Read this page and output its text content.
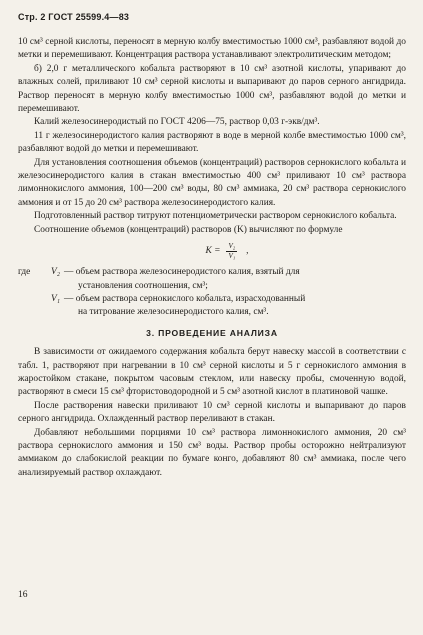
Стр. 2 ГОСТ 25599.4—83

10 см³ серной кислоты, переносят в мерную колбу вместимостью 1000 см³, разбавляют водой до метки и перемешивают. Концентрация раствора устанавливают электролитическим методом;

б) 2,0 г металлического кобальта растворяют в 10 см³ азотной кислоты, упаривают до влажных солей, приливают 10 см³ серной кислоты и выпаривают до паров серного ангидрида. Раствор переносят в мерную колбу вместимостью 1000 см³, разбавляют водой до метки и перемешивают.

Калий железосинеродистый по ГОСТ 4206—75, раствор 0,03 г-экв/дм³.

11 г железосинеродистого калия растворяют в воде в мерной колбе вместимостью 1000 см³, разбавляют водой до метки и перемешивают.

Для установления соотношения объемов (концентраций) растворов сернокислого кобальта и железосинеродистого калия в стакан вместимостью 400 см³ приливают 10 см³ раствора лимоннокислого аммония, 100—200 см³ воды, 80 см³ аммиака, 20 см³ раствора сернокислого аммония и от 15 до 20 см³ раствора железосинеродистого калия.

Подготовленный раствор титруют потенциометрически раствором сернокислого кобальта.

Соотношение объемов (концентраций) растворов (K) вычисляют по формуле

$K = \frac{\text{V₂}}{\text{V₁}}$ ,
где	V₂ — объем раствора железосинеродистого калия, взятый для
установления соотношения, см³;
V₁ — объем раствора сернокислого кобальта, израсходованный
на титрование железосинеродистого калия, см³.
3. ПРОВЕДЕНИЕ АНАЛИЗА

В зависимости от ожидаемого содержания кобальта берут навеску массой в соответствии с табл. 1, растворяют при нагревании в 10 см³ серной кислоты и 5 г сернокислого аммония в жаростойком стакане, покрытом часовым стеклом, или навеску пробы, смоченную водой, растворяют в смеси 15 см³ фтористоводородной и 5 см³ азотной кислот в платиновой чашке.

После растворения навески приливают 10 см³ серной кислоты и выпаривают до паров серного ангидрида. Охлажденный раствор переливают в стакан.

Добавляют небольшими порциями 10 см³ раствора лимоннокислого аммония, 20 см³ раствора сернокислого аммония и 150 см³ воды. Раствор пробы осторожно нейтрализуют аммиаком до слабокислой реакции по бумаге конго, добавляют 80 см³ аммиака, после чего анализируемый раствор охлаждают.

16
